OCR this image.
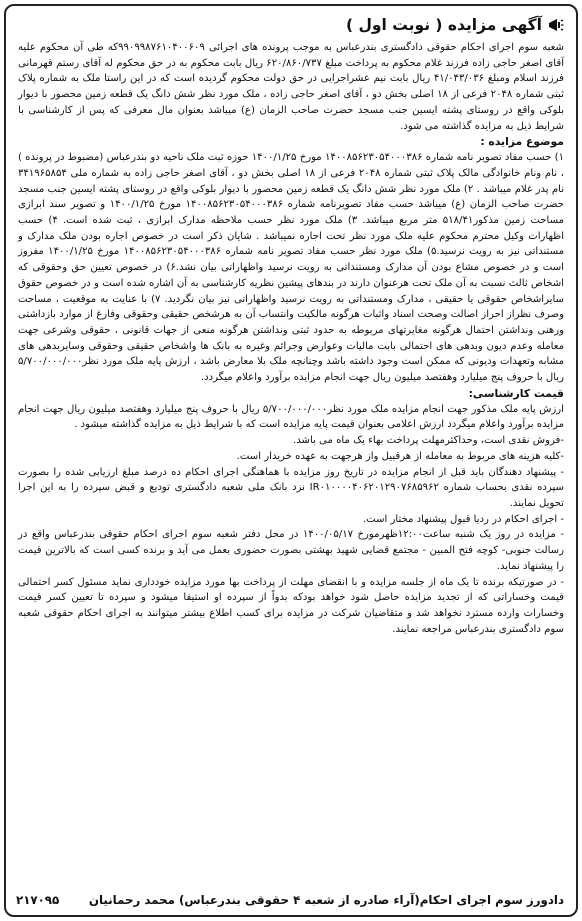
آگهی مزایده ( نوبت اول )

شعبه سوم اجرای احکام حقوقی دادگستری بندرعباس به موجب پرونده های اجرائی ۹۹۰۹۹۸۷۶۱۰۴۰۰۶۰۹که طی آن محکوم علیه آقای اصغر حاجی زاده فرزند غلام محکوم به پرداخت مبلغ ۶۲۰/۸۶۰/۷۳۷ ریال بابت محکوم به در حق محکوم له آقای رستم قهرمانی فرزند اسلام ومبلغ ۴۱/۰۴۳/۰۳۶ ریال بابت نیم عشراجرایی در حق دولت محکوم گردیده است که در این راستا ملک به شماره پلاک ثبتی شماره ۲۰۴۸ فرعی از ۱۸ اصلی بخش دو ، آقای اصغر حاجی زاده ، ملک مورد نظر شش دانگ یک قطعه زمین محصور با دیوار بلوکی واقع در روستای پشته ایسین جنب مسجد حضرت صاحب الزمان (ع) میباشد بعنوان مال معرفی که پس از کارشناسی با شرایط ذیل به مزایده گذاشته می شود.

موضوع مزایده :

۱) حسب مفاد تصویر نامه شماره ۱۴۰۰۸۵۶۲۳۰۵۴۰۰۰۳۸۶ مورخ ۱۴۰۰/۱/۲۵ حوزه ثبت ملک ناحیه دو بندرعباس (مضبوط در پرونده ) ، نام ونام خانوادگی مالک پلاک ثبتی شماره ۲۰۴۸ فرعی از ۱۸ اصلی بخش دو ، آقای اصغر حاجی زاده به شماره ملی ۳۴۱۹۶۵۸۵۴ نام پدر غلام میباشد . ۲) ملک مورد نظر شش دانگ یک قطعه زمین محصور با دیوار بلوکی واقع در روستای پشته ایسین جنب مسجد حضرت صاحب الزمان (ع) میباشد حسب مفاد تصویرنامه شماره ۱۴۰۰۸۵۶۲۳۰۵۴۰۰۰۳۸۶ مورخ ۱۴۰۰/۱/۲۵ و تصویر سند ابرازی مساحت زمین مذکور۵۱۸/۴۱ متر مربع میباشد. ۳) ملک مورد نظر حسب ملاحظه مدارک ابرازی ، ثبت شده است. ۴) حسب اظهارات وکیل محترم محکوم علیه ملک مورد نظر تحت اجاره نمیباشد . شایان ذکر است در خصوص اجاره بودن ملک مدارک و مستنداتی نیز به رویت نرسید.۵) ملک مورد نظر حسب مفاد تصویر نامه شماره ۱۴۰۰۸۵۶۲۳۰۵۴۰۰۰۳۸۶ مورخ ۱۴۰۰/۱/۲۵ مفروز است و در خصوص مشاع بودن آن مدارک ومستنداتی به رویت نرسید واظهاراتی بیان نشد.۶) در خصوص تعیین حق وحقوقی که اشخاص ثالث نسبت به آن ملک تحت هرعنوان دارند در بندهای پیشین نظریه کارشناسی به آن اشاره شده است و در خصوص حقوق سایراشخاص حقوقی یا حقیقی ، مدارک ومستنداتی به رویت نرسید واظهاراتی نیز بیان نگردید. ۷) با عنایت به موقعیت ، مساحت وصرف نظراز احراز اصالت وصحت اسناد واثبات هرگونه مالکیت وانتساب آن به هرشخص حقیقی وحقوقی وفارغ از موارد بازداشتی ورهنی ونداشتن احتمال هرگونه مغایرتهای مربوطه به حدود ثبتی ونداشتن هرگونه منعی از جهات قانونی ، حقوقی وشرعی جهت معامله وعدم دیون وبدهی های احتمالی بابت مالیات وعوارض وجرائم وغیره به بانک ها واشخاص حقیقی وحقوقی وسایربدهی های مشابه وتعهدات ودیونی که ممکن است وجود داشته باشد وچنانچه ملک بلا معارض باشد ، ارزش پایه ملک مورد نظر۵/۷۰۰/۰۰۰/۰۰۰ ریال با حروف پنج میلیارد وهفتصد میلیون ریال جهت انجام مزایده برآورد واعلام میگردد.

قیمت کارشناسی:

ارزش پایه ملک مذکور جهت انجام مزایده ملک مورد نظر۵/۷۰۰/۰۰۰/۰۰۰ ریال با حروف پنج میلیارد وهفتصد میلیون ریال جهت انجام مزایده برآورد واعلام میگردد ارزش اعلامی بعنوان قیمت پایه مزایده است که با شرایط ذیل به مزایده گذاشته میشود .

-فروش نقدی است، وحداکثرمهلت پرداخت بهاء یک ماه می باشد.

-کلیه هزینه های مربوط به معامله از هرقبیل واز هرجهت به عهده خریدار است.

- پیشنهاد دهندگان باید قبل از انجام مزایده در تاریخ روز مزایده با هماهنگی اجرای احکام ده درصد مبلغ ارزیابی شده را بصورت سپرده نقدی بحساب شماره IR۰۱۰۰۰۰۴۰۶۲۰۱۲۹۰۷۶۸۵۹۶۲ نزد بانک ملی شعبه دادگستری تودیع و قبض سپرده را به این اجرا تحویل نمایند.

- اجرای احکام در ردیا قبول پیشنهاد مختار است.

- مزایده در روز یک شنبه ساعت۱۲:۰۰ظهرمورخ ۱۴۰۰/۰۵/۱۷ در محل دفتر شعبه سوم اجرای احکام حقوقی بندرعباس واقع در رسالت جنوبی- کوچه فتح المبین - مجتمع قضایی شهید بهشتی بصورت حضوری بعمل می آید و برنده کسی است که بالاترین قیمت را پیشنهاد نماید.

- در صورتیکه برنده تا یک ماه از جلسه مزایده و با انقضای مهلت از پرداخت بها مورد مزایده خودداری نماید مسئول کسر احتمالی قیمت وخساراتی که از تجدید مزایده حاصل شود خواهد بودکه بدواً از سپرده او استیفا میشود و سپرده تا تعیین کسر قیمت وخسارات وارده مسترد نخواهد شد و متقاضیان شرکت در مزایده برای کسب اطلاع بیشتر میتوانند به اجرای احکام حقوقی شعبه سوم دادگستری بندرعباس مراجعه نمایند.

دادورز سوم اجرای احکام(آراء صادره از شعبه ۴ حقوقی بندرعباس) محمد رحمانیان
۲۱۷۰۹۵
